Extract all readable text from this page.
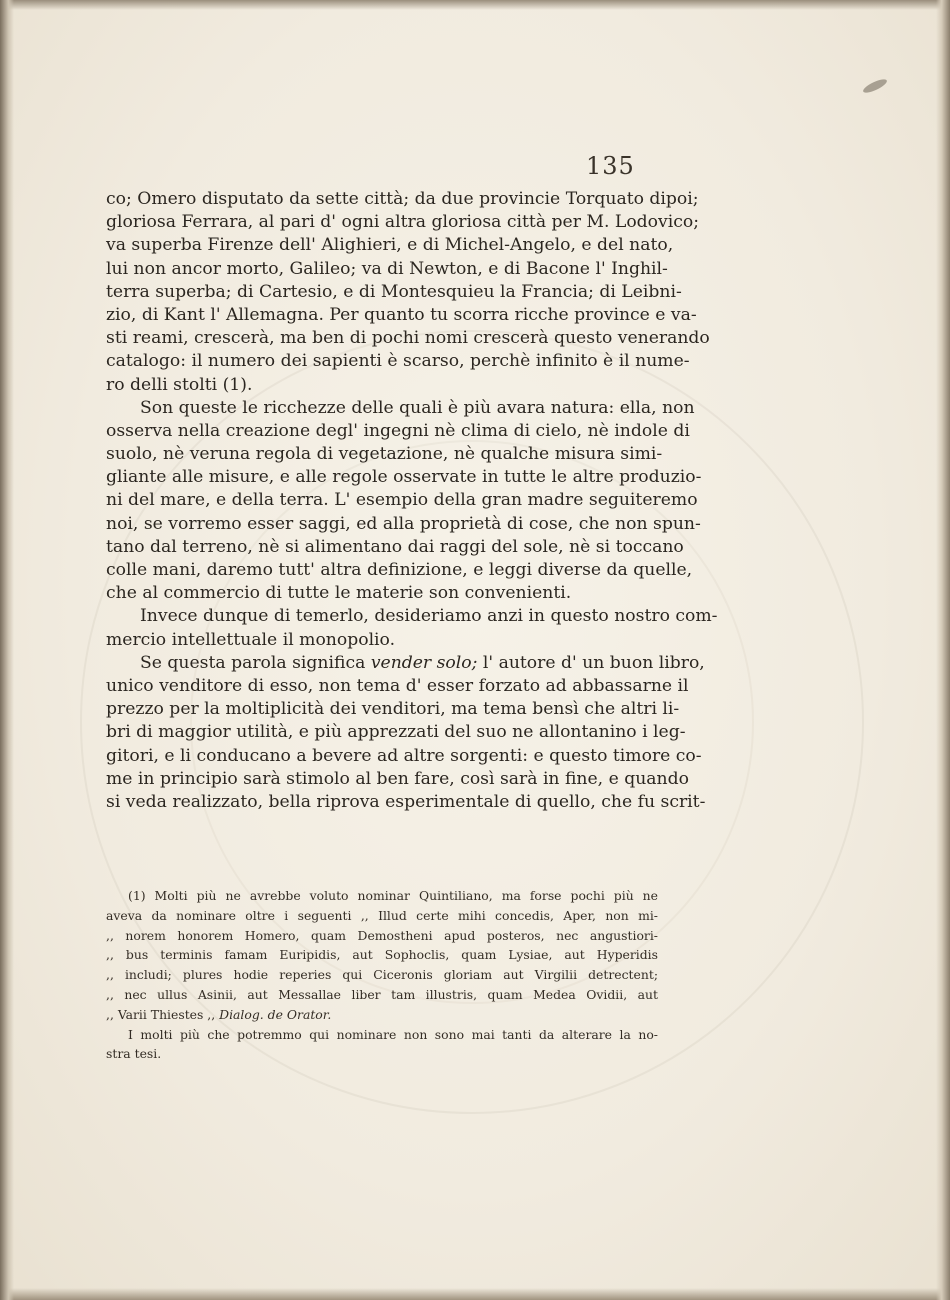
135
co; Omero disputato da sette città; da due provincie Torquato dipoi;
gloriosa Ferrara, al pari d' ogni altra gloriosa città per M. Lodovico;
va superba Firenze dell' Alighieri, e di Michel-Angelo, e del nato,
lui non ancor morto, Galileo; va di Newton, e di Bacone l' Inghil-
terra superba; di Cartesio, e di Montesquieu la Francia; di Leibni-
zio, di Kant l' Allemagna. Per quanto tu scorra ricche province e va-
sti reami, crescerà, ma ben di pochi nomi crescerà questo venerando
catalogo: il numero dei sapienti è scarso, perchè infinito è il nume-
ro delli stolti (1).
Son queste le ricchezze delle quali è più avara natura: ella, non
osserva nella creazione degl' ingegni nè clima di cielo, nè indole di
suolo, nè veruna regola di vegetazione, nè qualche misura simi-
gliante alle misure, e alle regole osservate in tutte le altre produzio-
ni del mare, e della terra. L' esempio della gran madre seguiteremo
noi, se vorremo esser saggi, ed alla proprietà di cose, che non spun-
tano dal terreno, nè si alimentano dai raggi del sole, nè si toccano
colle mani, daremo tutt' altra definizione, e leggi diverse da quelle,
che al commercio di tutte le materie son convenienti.
Invece dunque di temerlo, desideriamo anzi in questo nostro com-
mercio intellettuale il monopolio.
Se questa parola significa vender solo; l' autore d' un buon libro,
unico venditore di esso, non tema d' esser forzato ad abbassarne il
prezzo per la moltiplicità dei venditori, ma tema bensì che altri li-
bri di maggior utilità, e più apprezzati del suo ne allontanino i leg-
gitori, e li conducano a bevere ad altre sorgenti: e questo timore co-
me in principio sarà stimolo al ben fare, così sarà in fine, e quando
si veda realizzato, bella riprova esperimentale di quello, che fu scrit-
(1) Molti più ne avrebbe voluto nominar Quintiliano, ma forse pochi più ne
aveva da nominare oltre i seguenti ,, Illud certe mihi concedis, Aper, non mi-
,, norem honorem Homero, quam Demostheni apud posteros, nec angustiori-
,, bus terminis famam Euripidis, aut Sophoclis, quam Lysiae, aut Hyperidis
,, includi; plures hodie reperies qui Ciceronis gloriam aut Virgilii detrectent;
,, nec ullus Asinii, aut Messallae liber tam illustris, quam Medea Ovidii, aut
,, Varii Thiestes ,, Dialog. de Orator.
I molti più che potremmo qui nominare non sono mai tanti da alterare la no-
stra tesi.
